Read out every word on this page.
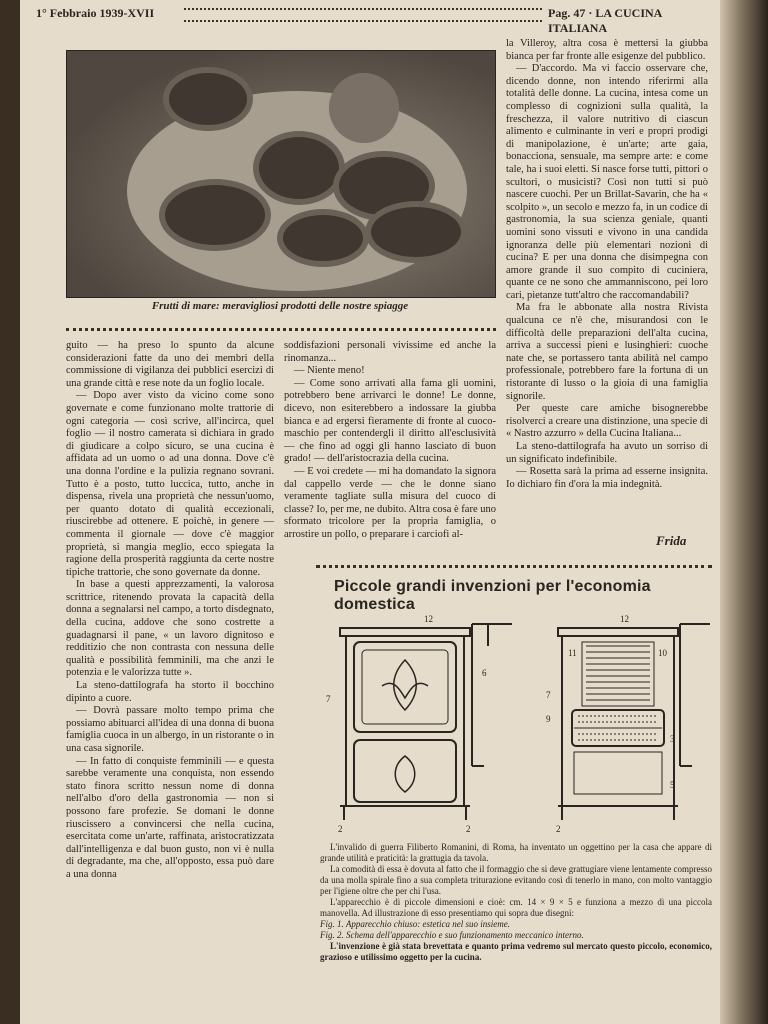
1° Febbraio 1939-XVII	Pag. 47 · LA CUCINA ITALIANA
Frutti di mare: meravigliosi prodotti delle nostre spiagge

la Villeroy, altra cosa è mettersi la giubba bianca per far fronte alle esigenze del pubblico.

— D'accordo. Ma vi faccio osservare che, dicendo donne, non intendo riferirmi alla totalità delle donne. La cucina, intesa come un complesso di cognizioni sulla qualità, la freschezza, il valore nutritivo di ciascun alimento e culminante in veri e propri prodigi di manipolazione, è un'arte; arte gaia, bonacciona, sensuale, ma sempre arte: e come tale, ha i suoi eletti. Si nasce forse tutti, pittori o scultori, o musicisti? Così non tutti si può nascere cuochi. Per un Brillat-Savarin, che ha « scolpito », un secolo e mezzo fa, in un codice di gastronomia, la sua scienza geniale, quanti uomini sono vissuti e vivono in una candida ignoranza delle più elementari nozioni di cucina? E per una donna che disimpegna con amore grande il suo compito di cuciniera, quante ce ne sono che ammanniscono, pei loro cari, pietanze tutt'altro che raccomandabili?

Ma fra le abbonate alla nostra Rivista qualcuna ce n'è che, misurandosi con le difficoltà delle preparazioni dell'alta cucina, arriva a successi pieni e lusinghieri: cuoche nate che, se portassero tanta abilità nel campo professionale, potrebbero fare la fortuna di un ristorante di lusso o la gioia di una famiglia signorile.

Per queste care amiche bisognerebbe risolverci a creare una distinzione, una specie di « Nastro azzurro » della Cucina Italiana...

La steno-dattilografa ha avuto un sorriso di un significato indefinibile.

— Rosetta sarà la prima ad esserne insignita. Io dichiaro fin d'ora la mia indegnità.

Frida

guito — ha preso lo spunto da alcune considerazioni fatte da uno dei membri della commissione di vigilanza dei pubblici esercizi di una grande città e rese note da un foglio locale.

— Dopo aver visto da vicino come sono governate e come funzionano molte trattorie di ogni categoria — così scrive, all'incirca, quel foglio — il nostro camerata si dichiara in grado di giudicare a colpo sicuro, se una cucina è affidata ad un uomo o ad una donna. Dove c'è una donna l'ordine e la pulizia regnano sovrani. Tutto è a posto, tutto luccica, tutto, anche in dispensa, rivela una proprietà che nessun'uomo, per quanto dotato di qualità eccezionali, riuscirebbe ad ottenere. E poichè, in genere — commenta il giornale — dove c'è maggior proprietà, si mangia meglio, ecco spiegata la ragione della prosperità raggiunta da certe nostre tipiche trattorie, che sono governate da donne.

In base a questi apprezzamenti, la valorosa scrittrice, ritenendo provata la capacità della donna a segnalarsi nel campo, a torto disdegnato, della cucina, addove che sono costrette a guadagnarsi il pane, « un lavoro dignitoso e redditizio che non contrasta con nessuna delle qualità e possibilità femminili, ma che anzi le potenzia e le valorizza tutte ».

La steno-dattilografa ha storto il bocchino dipinto a cuore.

— Dovrà passare molto tempo prima che possiamo abituarci all'idea di una donna di buona famiglia cuoca in un albergo, in un ristorante o in una casa signorile.

— In fatto di conquiste femminili — e questa sarebbe veramente una conquista, non essendo stato finora scritto nessun nome di donna nell'albo d'oro della gastronomia — non si possono fare profezie. Se domani le donne riuscissero a convincersi che nella cucina, esercitata come un'arte, raffinata, aristocratizzata dall'intelligenza e dal buon gusto, non vi è nulla di degradante, ma che, all'opposto, essa può dare a una donna

soddisfazioni personali vivissime ed anche la rinomanza...

— Niente meno!

— Come sono arrivati alla fama gli uomini, potrebbero bene arrivarci le donne! Le donne, dicevo, non esiterebbero a indossare la giubba bianca e ad ergersi fieramente di fronte al cuoco-maschio per contendergli il diritto all'esclusività — che fino ad oggi gli hanno lasciato di buon grado! — dell'aristocrazia della cucina.

— E voi credete — mi ha domandato la signora dal cappello verde — che le donne siano veramente tagliate sulla misura del cuoco di classe? Io, per me, ne dubito. Altra cosa è fare uno sformato tricolore per la propria famiglia, o arrostire un pollo, o preparare i carciofi al-

Piccole grandi invenzioni per l'economia domestica
12
6
7
2	2
12
11	10
7
9
3
5
2

L'invalido di guerra Filiberto Romanini, di Roma, ha inventato un oggettino per la casa che appare di grande utilità e praticità: la grattugia da tavola.

La comodità di essa è dovuta al fatto che il formaggio che si deve grattugiare viene lentamente compresso da una molla spirale fino a sua completa triturazione evitando così di tenerlo in mano, con molto vantaggio per l'igiene oltre che per chi l'usa.

L'apparecchio è di piccole dimensioni e cioè: cm. 14 × 9 × 5 e funziona a mezzo di una piccola manovella. Ad illustrazione di esso presentiamo qui sopra due disegni:

Fig. 1. Apparecchio chiuso: estetica nel suo insieme.

Fig. 2. Schema dell'apparecchio e suo funzionamento meccanico interno.

L'invenzione è già stata brevettata e quanto prima vedremo sul mercato questo piccolo, economico, grazioso e utilissimo oggetto per la cucina.
